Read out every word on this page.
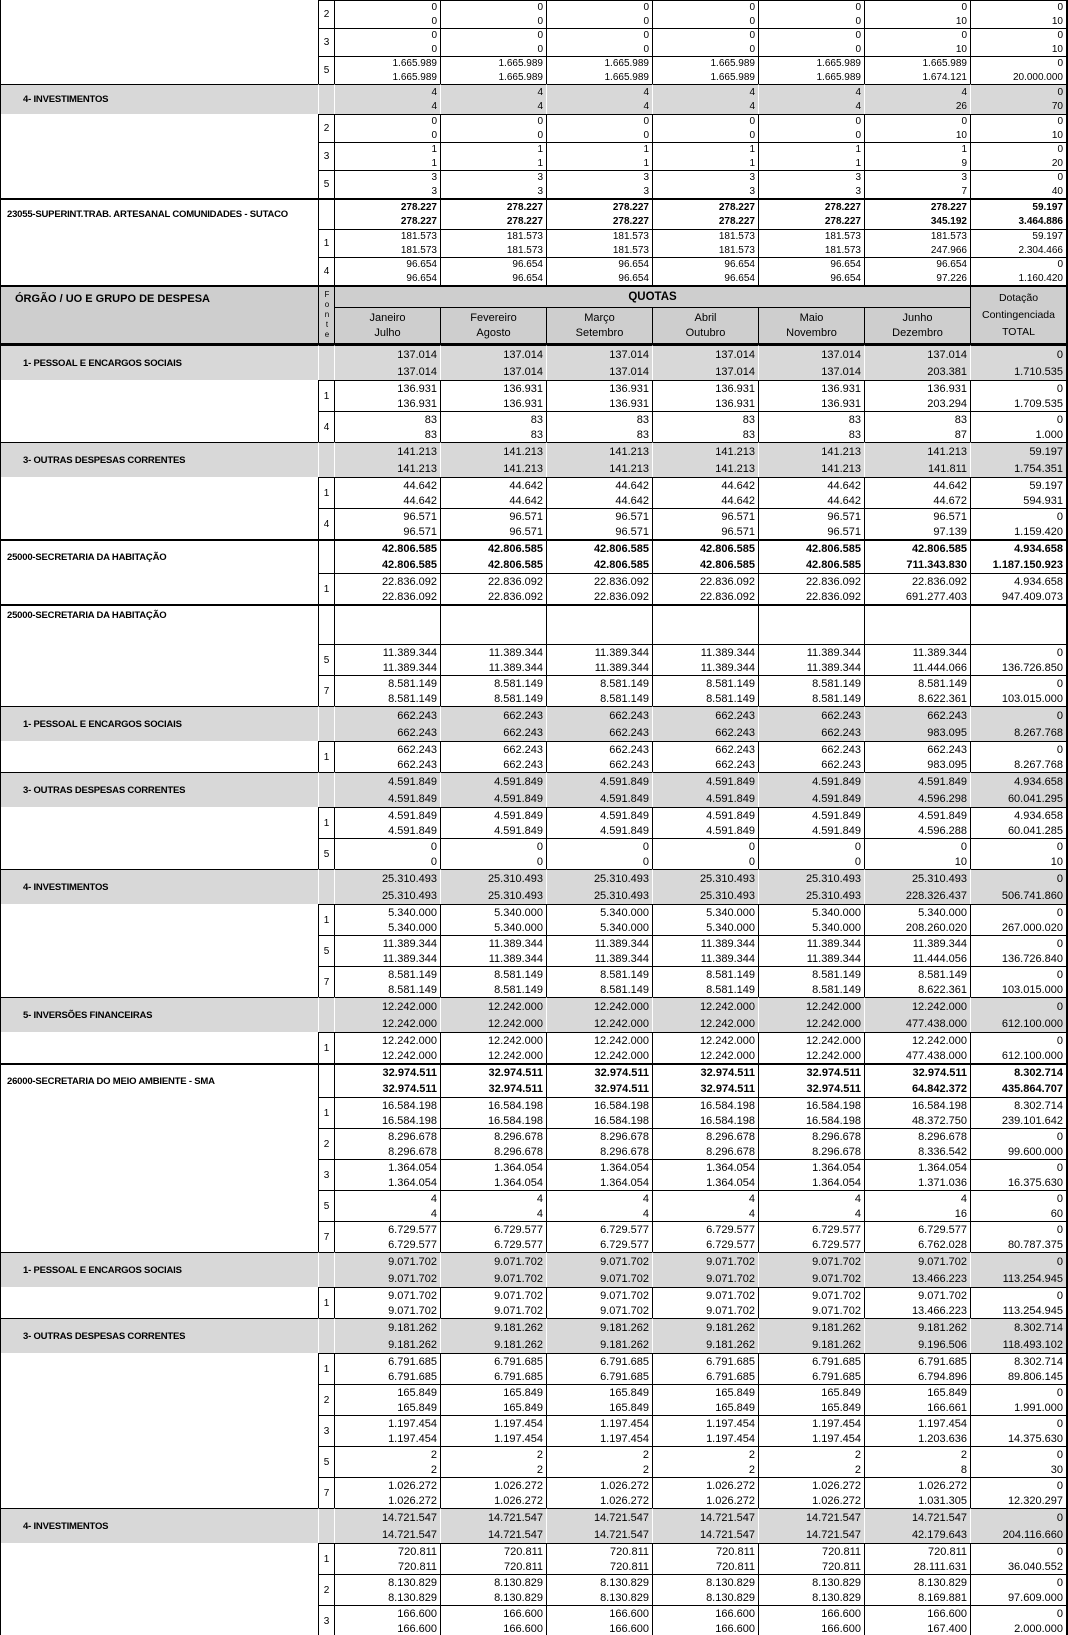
2
0
0
0
0
0
0
0
0
0
0
0
10
0
10
3
0
0
0
0
0
0
0
0
0
0
0
10
0
10
5
1.665.989
1.665.989
1.665.989
1.665.989
1.665.989
1.665.989
1.665.989
1.665.989
1.665.989
1.665.989
1.665.989
1.674.121
0
20.000.000
4- INVESTIMENTOS
4
4
4
4
4
4
4
4
4
4
4
26
0
70
2
0
0
0
0
0
0
0
0
0
0
0
10
0
10
3
1
1
1
1
1
1
1
1
1
1
1
9
0
20
5
3
3
3
3
3
3
3
3
3
3
3
7
0
40
23055-SUPERINT.TRAB. ARTESANAL COMUNIDADES - SUTACO
278.227
278.227
278.227
278.227
278.227
278.227
278.227
278.227
278.227
278.227
278.227
345.192
59.197
3.464.886
1
181.573
181.573
181.573
181.573
181.573
181.573
181.573
181.573
181.573
181.573
181.573
247.966
59.197
2.304.466
4
96.654
96.654
96.654
96.654
96.654
96.654
96.654
96.654
96.654
96.654
96.654
97.226
0
1.160.420
ÓRGÃO / UO E GRUPO DE DESPESA	Fonte	QUOTAS
Janeiro
Julho
Fevereiro
Agosto
Março
Setembro
Abril
Outubro
Maio
Novembro
Junho
Dezembro
Dotação
Contingenciada
TOTAL
1- PESSOAL E ENCARGOS SOCIAIS
137.014
137.014
137.014
137.014
137.014
137.014
137.014
137.014
137.014
137.014
137.014
203.381
0
1.710.535
1
136.931
136.931
136.931
136.931
136.931
136.931
136.931
136.931
136.931
136.931
136.931
203.294
0
1.709.535
4
83
83
83
83
83
83
83
83
83
83
83
87
0
1.000
3- OUTRAS DESPESAS CORRENTES
141.213
141.213
141.213
141.213
141.213
141.213
141.213
141.213
141.213
141.213
141.213
141.811
59.197
1.754.351
1
44.642
44.642
44.642
44.642
44.642
44.642
44.642
44.642
44.642
44.642
44.642
44.672
59.197
594.931
4
96.571
96.571
96.571
96.571
96.571
96.571
96.571
96.571
96.571
96.571
96.571
97.139
0
1.159.420
25000-SECRETARIA DA HABITAÇÃO
42.806.585
42.806.585
42.806.585
42.806.585
42.806.585
42.806.585
42.806.585
42.806.585
42.806.585
42.806.585
42.806.585
711.343.830
4.934.658
1.187.150.923
1
22.836.092
22.836.092
22.836.092
22.836.092
22.836.092
22.836.092
22.836.092
22.836.092
22.836.092
22.836.092
22.836.092
691.277.403
4.934.658
947.409.073
25000-SECRETARIA DA HABITAÇÃO
5
11.389.344
11.389.344
11.389.344
11.389.344
11.389.344
11.389.344
11.389.344
11.389.344
11.389.344
11.389.344
11.389.344
11.444.066
0
136.726.850
7
8.581.149
8.581.149
8.581.149
8.581.149
8.581.149
8.581.149
8.581.149
8.581.149
8.581.149
8.581.149
8.581.149
8.622.361
0
103.015.000
1- PESSOAL E ENCARGOS SOCIAIS
662.243
662.243
662.243
662.243
662.243
662.243
662.243
662.243
662.243
662.243
662.243
983.095
0
8.267.768
1
662.243
662.243
662.243
662.243
662.243
662.243
662.243
662.243
662.243
662.243
662.243
983.095
0
8.267.768
3- OUTRAS DESPESAS CORRENTES
4.591.849
4.591.849
4.591.849
4.591.849
4.591.849
4.591.849
4.591.849
4.591.849
4.591.849
4.591.849
4.591.849
4.596.298
4.934.658
60.041.295
1
4.591.849
4.591.849
4.591.849
4.591.849
4.591.849
4.591.849
4.591.849
4.591.849
4.591.849
4.591.849
4.591.849
4.596.288
4.934.658
60.041.285
5
0
0
0
0
0
0
0
0
0
0
0
10
0
10
4- INVESTIMENTOS
25.310.493
25.310.493
25.310.493
25.310.493
25.310.493
25.310.493
25.310.493
25.310.493
25.310.493
25.310.493
25.310.493
228.326.437
0
506.741.860
1
5.340.000
5.340.000
5.340.000
5.340.000
5.340.000
5.340.000
5.340.000
5.340.000
5.340.000
5.340.000
5.340.000
208.260.020
0
267.000.020
5
11.389.344
11.389.344
11.389.344
11.389.344
11.389.344
11.389.344
11.389.344
11.389.344
11.389.344
11.389.344
11.389.344
11.444.056
0
136.726.840
7
8.581.149
8.581.149
8.581.149
8.581.149
8.581.149
8.581.149
8.581.149
8.581.149
8.581.149
8.581.149
8.581.149
8.622.361
0
103.015.000
5- INVERSÕES FINANCEIRAS
12.242.000
12.242.000
12.242.000
12.242.000
12.242.000
12.242.000
12.242.000
12.242.000
12.242.000
12.242.000
12.242.000
477.438.000
0
612.100.000
1
12.242.000
12.242.000
12.242.000
12.242.000
12.242.000
12.242.000
12.242.000
12.242.000
12.242.000
12.242.000
12.242.000
477.438.000
0
612.100.000
26000-SECRETARIA DO MEIO AMBIENTE - SMA
32.974.511
32.974.511
32.974.511
32.974.511
32.974.511
32.974.511
32.974.511
32.974.511
32.974.511
32.974.511
32.974.511
64.842.372
8.302.714
435.864.707
1
16.584.198
16.584.198
16.584.198
16.584.198
16.584.198
16.584.198
16.584.198
16.584.198
16.584.198
16.584.198
16.584.198
48.372.750
8.302.714
239.101.642
2
8.296.678
8.296.678
8.296.678
8.296.678
8.296.678
8.296.678
8.296.678
8.296.678
8.296.678
8.296.678
8.296.678
8.336.542
0
99.600.000
3
1.364.054
1.364.054
1.364.054
1.364.054
1.364.054
1.364.054
1.364.054
1.364.054
1.364.054
1.364.054
1.364.054
1.371.036
0
16.375.630
5
4
4
4
4
4
4
4
4
4
4
4
16
0
60
7
6.729.577
6.729.577
6.729.577
6.729.577
6.729.577
6.729.577
6.729.577
6.729.577
6.729.577
6.729.577
6.729.577
6.762.028
0
80.787.375
1- PESSOAL E ENCARGOS SOCIAIS
9.071.702
9.071.702
9.071.702
9.071.702
9.071.702
9.071.702
9.071.702
9.071.702
9.071.702
9.071.702
9.071.702
13.466.223
0
113.254.945
1
9.071.702
9.071.702
9.071.702
9.071.702
9.071.702
9.071.702
9.071.702
9.071.702
9.071.702
9.071.702
9.071.702
13.466.223
0
113.254.945
3- OUTRAS DESPESAS CORRENTES
9.181.262
9.181.262
9.181.262
9.181.262
9.181.262
9.181.262
9.181.262
9.181.262
9.181.262
9.181.262
9.181.262
9.196.506
8.302.714
118.493.102
1
6.791.685
6.791.685
6.791.685
6.791.685
6.791.685
6.791.685
6.791.685
6.791.685
6.791.685
6.791.685
6.791.685
6.794.896
8.302.714
89.806.145
2
165.849
165.849
165.849
165.849
165.849
165.849
165.849
165.849
165.849
165.849
165.849
166.661
0
1.991.000
3
1.197.454
1.197.454
1.197.454
1.197.454
1.197.454
1.197.454
1.197.454
1.197.454
1.197.454
1.197.454
1.197.454
1.203.636
0
14.375.630
5
2
2
2
2
2
2
2
2
2
2
2
8
0
30
7
1.026.272
1.026.272
1.026.272
1.026.272
1.026.272
1.026.272
1.026.272
1.026.272
1.026.272
1.026.272
1.026.272
1.031.305
0
12.320.297
4- INVESTIMENTOS
14.721.547
14.721.547
14.721.547
14.721.547
14.721.547
14.721.547
14.721.547
14.721.547
14.721.547
14.721.547
14.721.547
42.179.643
0
204.116.660
1
720.811
720.811
720.811
720.811
720.811
720.811
720.811
720.811
720.811
720.811
720.811
28.111.631
0
36.040.552
2
8.130.829
8.130.829
8.130.829
8.130.829
8.130.829
8.130.829
8.130.829
8.130.829
8.130.829
8.130.829
8.130.829
8.169.881
0
97.609.000
3
166.600
166.600
166.600
166.600
166.600
166.600
166.600
166.600
166.600
166.600
166.600
167.400
0
2.000.000
